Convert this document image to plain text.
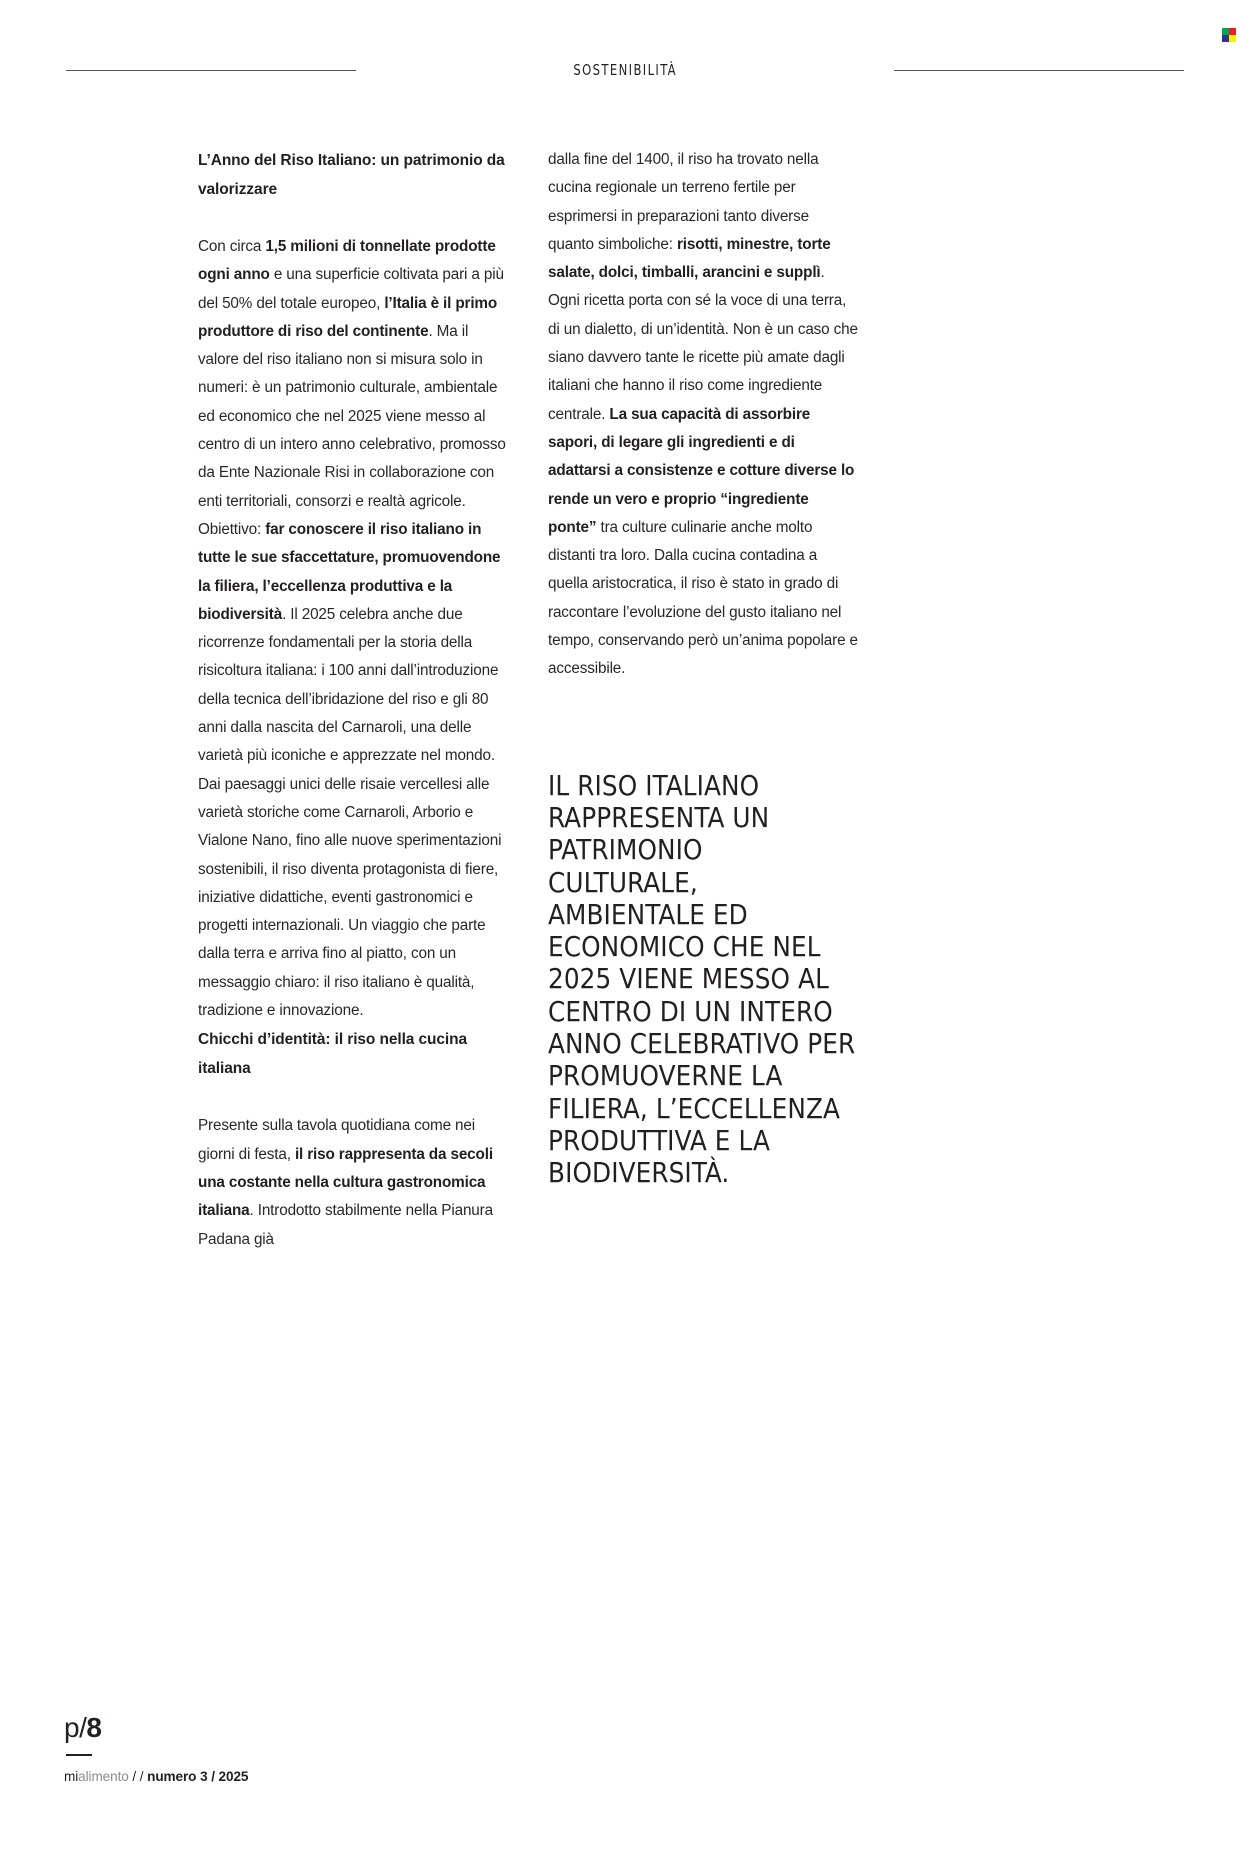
SOSTENIBILITÀ
L’Anno del Riso Italiano: un patrimonio da valorizzare

Con circa 1,5 milioni di tonnellate prodotte ogni anno e una superficie coltivata pari a più del 50% del totale europeo, l’Italia è il primo produttore di riso del continente. Ma il valore del riso italiano non si misura solo in numeri: è un patrimonio culturale, ambientale ed economico che nel 2025 viene messo al centro di un intero anno celebrativo, promosso da Ente Nazionale Risi in collaborazione con enti territoriali, consorzi e realtà agricole. Obiettivo: far conoscere il riso italiano in tutte le sue sfaccettature, promuovendone la filiera, l’eccellenza produttiva e la biodiversità. Il 2025 celebra anche due ricorrenze fondamentali per la storia della risicoltura italiana: i 100 anni dall’introduzione della tecnica dell’ibridazione del riso e gli 80 anni dalla nascita del Carnaroli, una delle varietà più iconiche e apprezzate nel mondo. Dai paesaggi unici delle risaie vercellesi alle varietà storiche come Carnaroli, Arborio e Vialone Nano, fino alle nuove sperimentazioni sostenibili, il riso diventa protagonista di fiere, iniziative didattiche, eventi gastronomici e progetti internazionali. Un viaggio che parte dalla terra e arriva fino al piatto, con un messaggio chiaro: il riso italiano è qualità, tradizione e innovazione.

Chicchi d’identità: il riso nella cucina italiana

Presente sulla tavola quotidiana come nei giorni di festa, il riso rappresenta da secoli una costante nella cultura gastronomica italiana. Introdotto stabilmente nella Pianura Padana già

dalla fine del 1400, il riso ha trovato nella cucina regionale un terreno fertile per esprimersi in preparazioni tanto diverse quanto simboliche: risotti, minestre, torte salate, dolci, timballi, arancini e supplì. Ogni ricetta porta con sé la voce di una terra, di un dialetto, di un’identità. Non è un caso che siano davvero tante le ricette più amate dagli italiani che hanno il riso come ingrediente centrale. La sua capacità di assorbire sapori, di legare gli ingredienti e di adattarsi a consistenze e cotture diverse lo rende un vero e proprio “ingrediente ponte” tra culture culinarie anche molto distanti tra loro. Dalla cucina contadina a quella aristocratica, il riso è stato in grado di raccontare l’evoluzione del gusto italiano nel tempo, conservando però un’anima popolare e accessibile.

IL RISO ITALIANO RAPPRESENTA UN PATRIMONIO CULTURALE, AMBIENTALE ED ECONOMICO CHE NEL 2025 VIENE MESSO AL CENTRO DI UN INTERO ANNO CELEBRATIVO PER PROMUOVERNE LA FILIERA, L’ECCELLENZA PRODUTTIVA E LA BIODIVERSITÀ.
p/8
mialimento / / numero 3 / 2025
